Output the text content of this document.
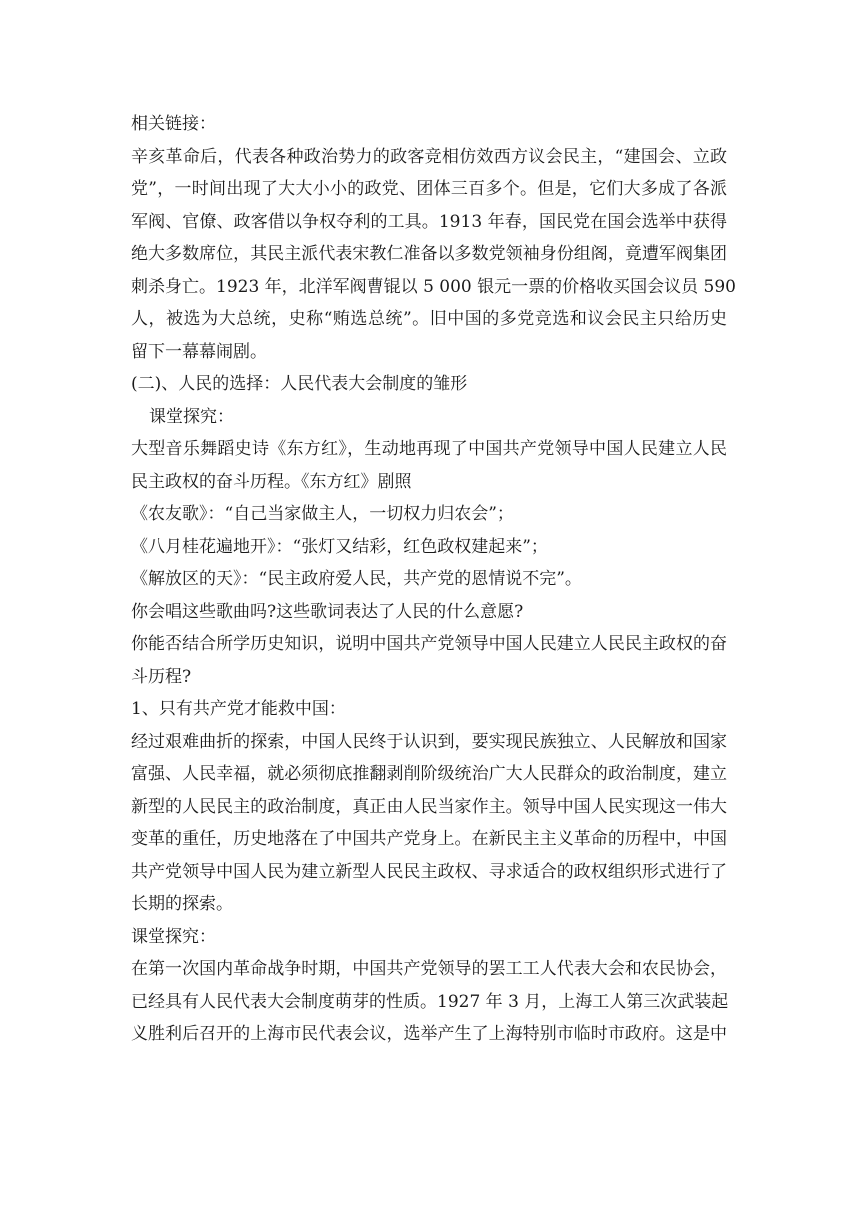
相关链接：
辛亥革命后，代表各种政治势力的政客竞相仿效西方议会民主，“建国会、立政
党”，一时间出现了大大小小的政党、团体三百多个。但是，它们大多成了各派
军阀、官僚、政客借以争权夺利的工具。1913 年春，国民党在国会选举中获得
绝大多数席位，其民主派代表宋教仁准备以多数党领袖身份组阁，竟遭军阀集团
刺杀身亡。1923 年，北洋军阀曹锟以 5 000 银元一票的价格收买国会议员 590
人，被选为大总统，史称“贿选总统”。旧中国的多党竞选和议会民主只给历史
留下一幕幕闹剧。
(二)、人民的选择：人民代表大会制度的雏形
课堂探究：
大型音乐舞蹈史诗《东方红》，生动地再现了中国共产党领导中国人民建立人民
民主政权的奋斗历程。《东方红》剧照
《农友歌》：“自己当家做主人，一切权力归农会”；
《八月桂花遍地开》：“张灯又结彩，红色政权建起来”；
《解放区的天》：“民主政府爱人民，共产党的恩情说不完”。
你会唱这些歌曲吗?这些歌词表达了人民的什么意愿?
你能否结合所学历史知识，说明中国共产党领导中国人民建立人民民主政权的奋
斗历程?
1、只有共产党才能救中国：
经过艰难曲折的探索，中国人民终于认识到，要实现民族独立、人民解放和国家
富强、人民幸福，就必须彻底推翻剥削阶级统治广大人民群众的政治制度，建立
新型的人民民主的政治制度，真正由人民当家作主。领导中国人民实现这一伟大
变革的重任，历史地落在了中国共产党身上。在新民主主义革命的历程中，中国
共产党领导中国人民为建立新型人民民主政权、寻求适合的政权组织形式进行了
长期的探索。
课堂探究：
在第一次国内革命战争时期，中国共产党领导的罢工工人代表大会和农民协会，
已经具有人民代表大会制度萌芽的性质。1927 年 3 月，上海工人第三次武装起
义胜利后召开的上海市民代表会议，选举产生了上海特别市临时市政府。这是中
